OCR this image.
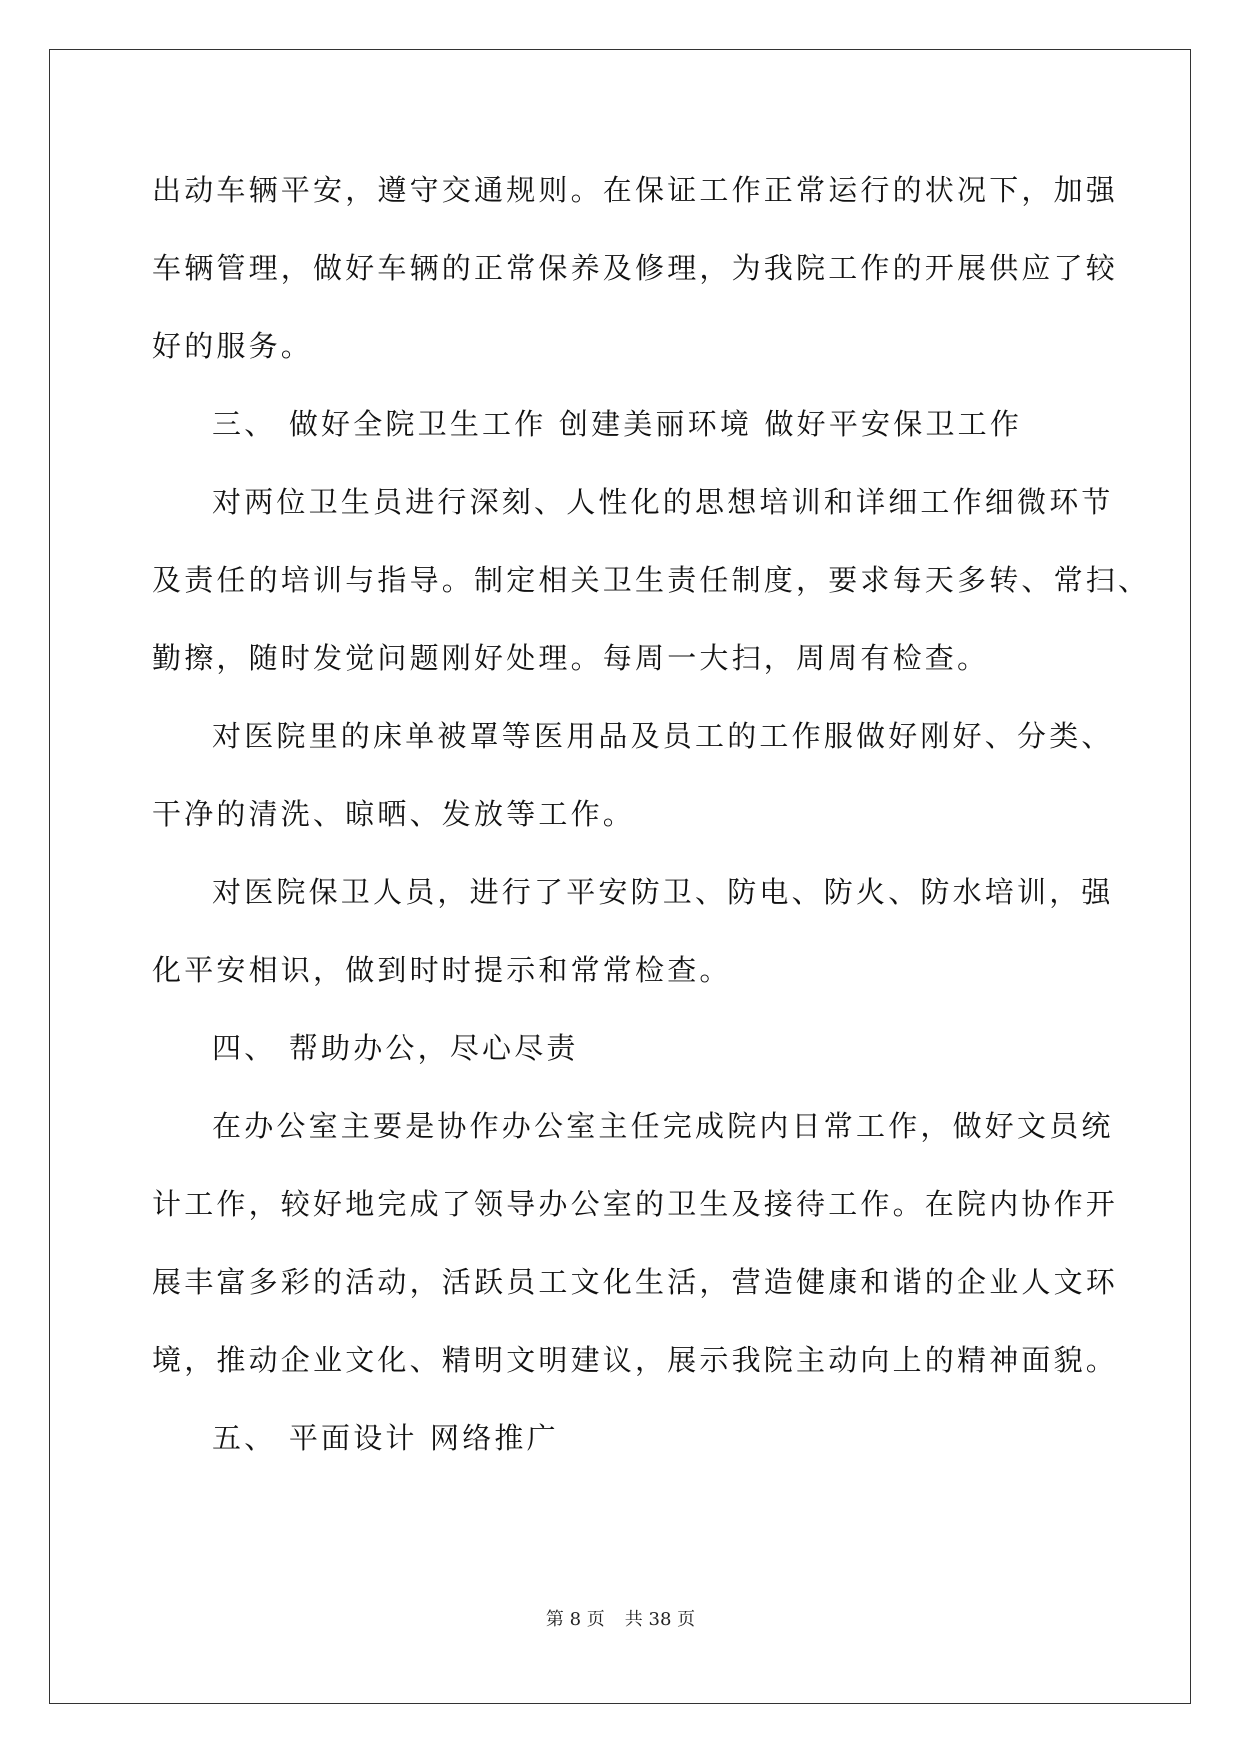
出动车辆平安，遵守交通规则。在保证工作正常运行的状况下，加强
车辆管理，做好车辆的正常保养及修理，为我院工作的开展供应了较
好的服务。
三、 做好全院卫生工作 创建美丽环境 做好平安保卫工作
对两位卫生员进行深刻、人性化的思想培训和详细工作细微环节
及责任的培训与指导。制定相关卫生责任制度，要求每天多转、常扫、
勤擦，随时发觉问题刚好处理。每周一大扫，周周有检查。
对医院里的床单被罩等医用品及员工的工作服做好刚好、分类、
干净的清洗、晾晒、发放等工作。
对医院保卫人员，进行了平安防卫、防电、防火、防水培训，强
化平安相识，做到时时提示和常常检查。
四、 帮助办公，尽心尽责
在办公室主要是协作办公室主任完成院内日常工作，做好文员统
计工作，较好地完成了领导办公室的卫生及接待工作。在院内协作开
展丰富多彩的活动，活跃员工文化生活，营造健康和谐的企业人文环
境，推动企业文化、精明文明建议，展示我院主动向上的精神面貌。
五、 平面设计 网络推广
第 8 页 共 38 页
